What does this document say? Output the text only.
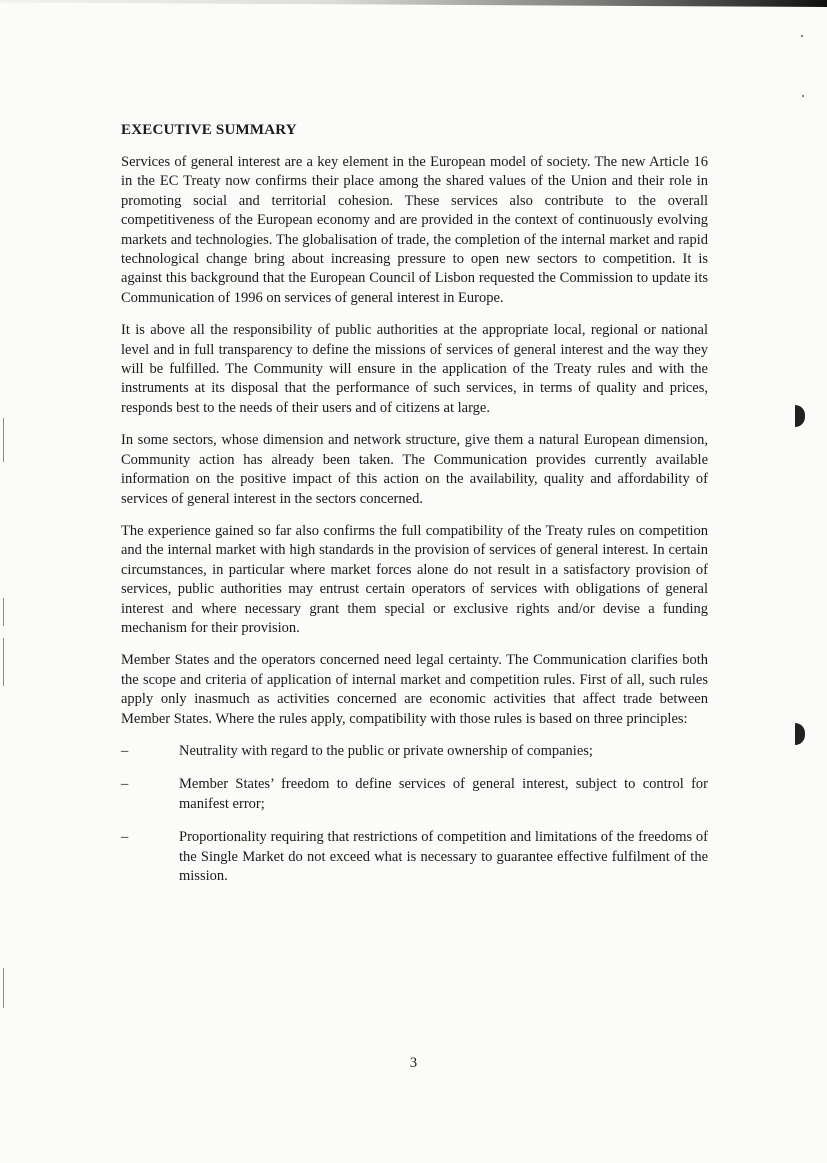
EXECUTIVE SUMMARY

Services of general interest are a key element in the European model of society. The new Article 16 in the EC Treaty now confirms their place among the shared values of the Union and their role in promoting social and territorial cohesion. These services also contribute to the overall competitiveness of the European economy and are provided in the context of continuously evolving markets and technologies. The globalisation of trade, the completion of the internal market and rapid technological change bring about increasing pressure to open new sectors to competition. It is against this background that the European Council of Lisbon requested the Commission to update its Communication of 1996 on services of general interest in Europe.

It is above all the responsibility of public authorities at the appropriate local, regional or national level and in full transparency to define the missions of services of general interest and the way they will be fulfilled. The Community will ensure in the application of the Treaty rules and with the instruments at its disposal that the performance of such services, in terms of quality and prices, responds best to the needs of their users and of citizens at large.

In some sectors, whose dimension and network structure, give them a natural European dimension, Community action has already been taken. The Communication provides currently available information on the positive impact of this action on the availability, quality and affordability of services of general interest in the sectors concerned.

The experience gained so far also confirms the full compatibility of the Treaty rules on competition and the internal market with high standards in the provision of services of general interest. In certain circumstances, in particular where market forces alone do not result in a satisfactory provision of services, public authorities may entrust certain operators of services with obligations of general interest and where necessary grant them special or exclusive rights and/or devise a funding mechanism for their provision.

Member States and the operators concerned need legal certainty. The Communication clarifies both the scope and criteria of application of internal market and competition rules. First of all, such rules apply only inasmuch as activities concerned are economic activities that affect trade between Member States. Where the rules apply, compatibility with those rules is based on three principles:

–	Neutrality with regard to the public or private ownership of companies;
–	Member States’ freedom to define services of general interest, subject to control for manifest error;
–	Proportionality requiring that restrictions of competition and limitations of the freedoms of the Single Market do not exceed what is necessary to guarantee effective fulfilment of the mission.
3
